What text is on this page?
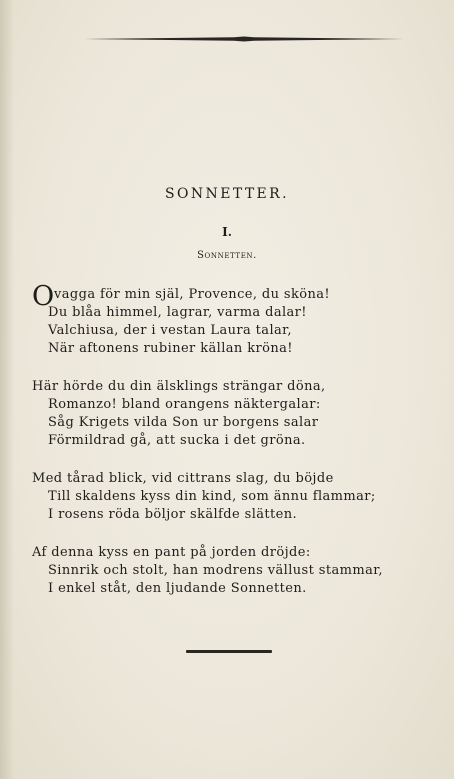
SONNETTER.
I.
Sonnetten.
O vagga för min själ, Provence, du sköna!
Du blåa himmel, lagrar, varma dalar!
Valchiusa, der i vestan Laura talar,
När aftonens rubiner källan kröna!
Här hörde du din älsklings strängar döna,
Romanzo! bland orangens näktergalar:
Såg Krigets vilda Son ur borgens salar
Förmildrad gå, att sucka i det gröna.
Med tårad blick, vid cittrans slag, du böjde
Till skaldens kyss din kind, som ännu flammar;
I rosens röda böljor skälfde slätten.
Af denna kyss en pant på jorden dröjde:
Sinnrik och stolt, han modrens vällust stammar,
I enkel ståt, den ljudande Sonnetten.
